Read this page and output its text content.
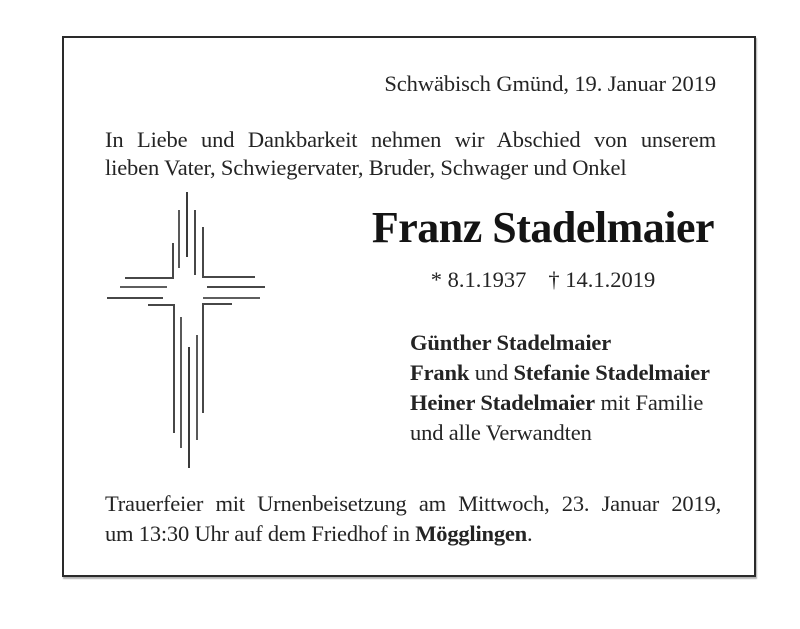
Schwäbisch Gmünd, 19. Januar 2019
In Liebe und Dankbarkeit nehmen wir Abschied von unserem
lieben Vater, Schwiegervater, Bruder, Schwager und Onkel
Franz Stadelmaier
* 8.1.1937 † 14.1.2019
Günther Stadelmaier
Frank und Stefanie Stadelmaier
Heiner Stadelmaier mit Familie
und alle Verwandten
Trauerfeier mit Urnenbeisetzung am Mittwoch, 23. Januar 2019,
um 13:30 Uhr auf dem Friedhof in Mögglingen.
